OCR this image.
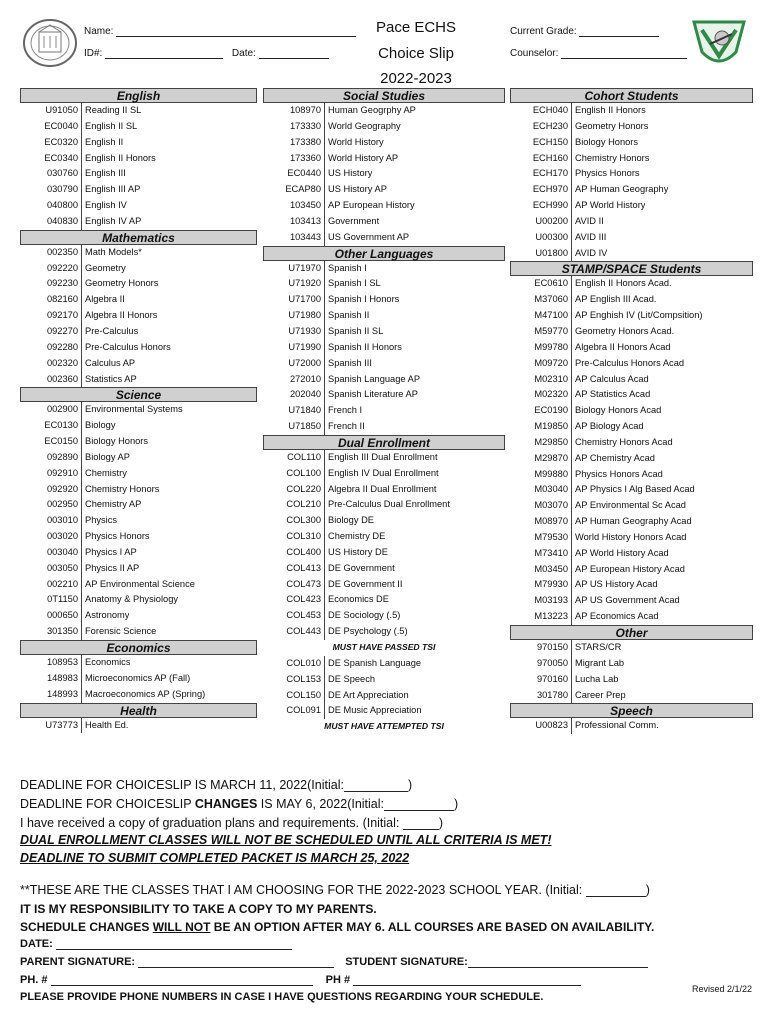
Name:
ID#:	Date:
Pace ECHS
Choice Slip
2022-2023
Current Grade:
Counselor:
English
U91050 Reading II SL
EC0040 English II SL
EC0320 English II
EC0340 English II Honors
030760 English III
030790 English III AP
040800 English IV
040830 English IV AP
Mathematics
002350 Math Models*
092220 Geometry
092230 Geometry Honors
082160 Algebra II
092170 Algebra II Honors
092270 Pre-Calculus
092280 Pre-Calculus Honors
002320 Calculus AP
002360 Statistics AP
Science
002900 Environmental Systems
EC0130 Biology
EC0150 Biology Honors
092890 Biology AP
092910 Chemistry
092920 Chemistry Honors
002950 Chemistry AP
003010 Physics
003020 Physics Honors
003040 Physics I AP
003050 Physics II AP
002210 AP Environmental Science
0T1150 Anatomy & Physiology
000650 Astronomy
301350 Forensic Science
Economics
108953 Economics
148983 Microeconomics AP (Fall)
148993 Macroeconomics AP (Spring)
Health
U73773 Health Ed.
Social Studies
108970 Human Geogrphy AP
173330 World Geography
173380 World History
173360 World History AP
EC0440 US History
ECAP80 US History AP
103450 AP European History
103413 Government
103443 US Government AP
Other Languages
U71970 Spanish I
U71920 Spanish I SL
U71700 Spanish I Honors
U71980 Spanish II
U71930 Spanish II SL
U71990 Spanish II Honors
U72000 Spanish III
272010 Spanish Language AP
202040 Spanish Literature AP
U71840 French I
U71850 French II
Dual Enrollment
COL110 English III Dual Enrollment
COL100 English IV Dual Enrollment
COL220 Algebra II Dual Enrollment
COL210 Pre-Calculus Dual Enrollment
COL300 Biology DE
COL310 Chemistry DE
COL400 US History DE
COL413 DE Government
COL473 DE Government II
COL423 Economics DE
COL453 DE Sociology (.5)
COL443 DE Psychology (.5)
MUST HAVE PASSED TSI
COL010 DE Spanish Language
COL153 DE Speech
COL150 DE Art Appreciation
COL091 DE Music Appreciation
MUST HAVE ATTEMPTED TSI
Cohort Students
ECH040 English II Honors
ECH230 Geometry Honors
ECH150 Biology Honors
ECH160 Chemistry Honors
ECH170 Physics Honors
ECH970 AP Human Geography
ECH990 AP World History
U00200 AVID II
U00300 AVID III
U01800 AVID IV
STAMP/SPACE Students
EC0610 English II Honors Acad.
M37060 AP English III Acad.
M47100 AP Enghish IV (Lit/Compsition)
M59770 Geometry Honors Acad.
M99780 Algebra II Honors Acad
M09720 Pre-Calculus Honors Acad
M02310 AP Calculus Acad
M02320 AP Statistics Acad
EC0190 Biology Honors Acad
M19850 AP Biology Acad
M29850 Chemistry Honors Acad
M29870 AP Chemistry Acad
M99880 Physics Honors Acad
M03040 AP Physics I Alg Based Acad
M03070 AP Environmental Sc Acad
M08970 AP Human Geography Acad
M79530 World History Honors Acad
M73410 AP World History Acad
M03450 AP European History Acad
M79930 AP US History Acad
M03193 AP US Government Acad
M13223 AP Economics Acad
Other
970150 STARS/CR
970050 Migrant Lab
970160 Lucha Lab
301780 Career Prep
Speech
U00823 Professional Comm.
DEADLINE FOR CHOICESLIP IS MARCH 11, 2022(Initial:	)
DEADLINE FOR CHOICESLIP CHANGES IS MAY 6, 2022(Initial:	)
I have received a copy of graduation plans and requirements. (Initial:	)
DUAL ENROLLMENT CLASSES WILL NOT BE SCHEDULED UNTIL ALL CRITERIA IS MET!
DEADLINE TO SUBMIT COMPLETED PACKET IS MARCH 25, 2022
**THESE ARE THE CLASSES THAT I AM CHOOSING FOR THE 2022-2023 SCHOOL YEAR. (Initial:	)
IT IS MY RESPONSIBILITY TO TAKE A COPY TO MY PARENTS.
SCHEDULE CHANGES WILL NOT BE AN OPTION AFTER MAY 6. ALL COURSES ARE BASED ON AVAILABILITY.
DATE:
PARENT SIGNATURE:	STUDENT SIGNATURE:
PH. #	PH #
PLEASE PROVIDE PHONE NUMBERS IN CASE I HAVE QUESTIONS REGARDING YOUR SCHEDULE.
Revised 2/1/22
